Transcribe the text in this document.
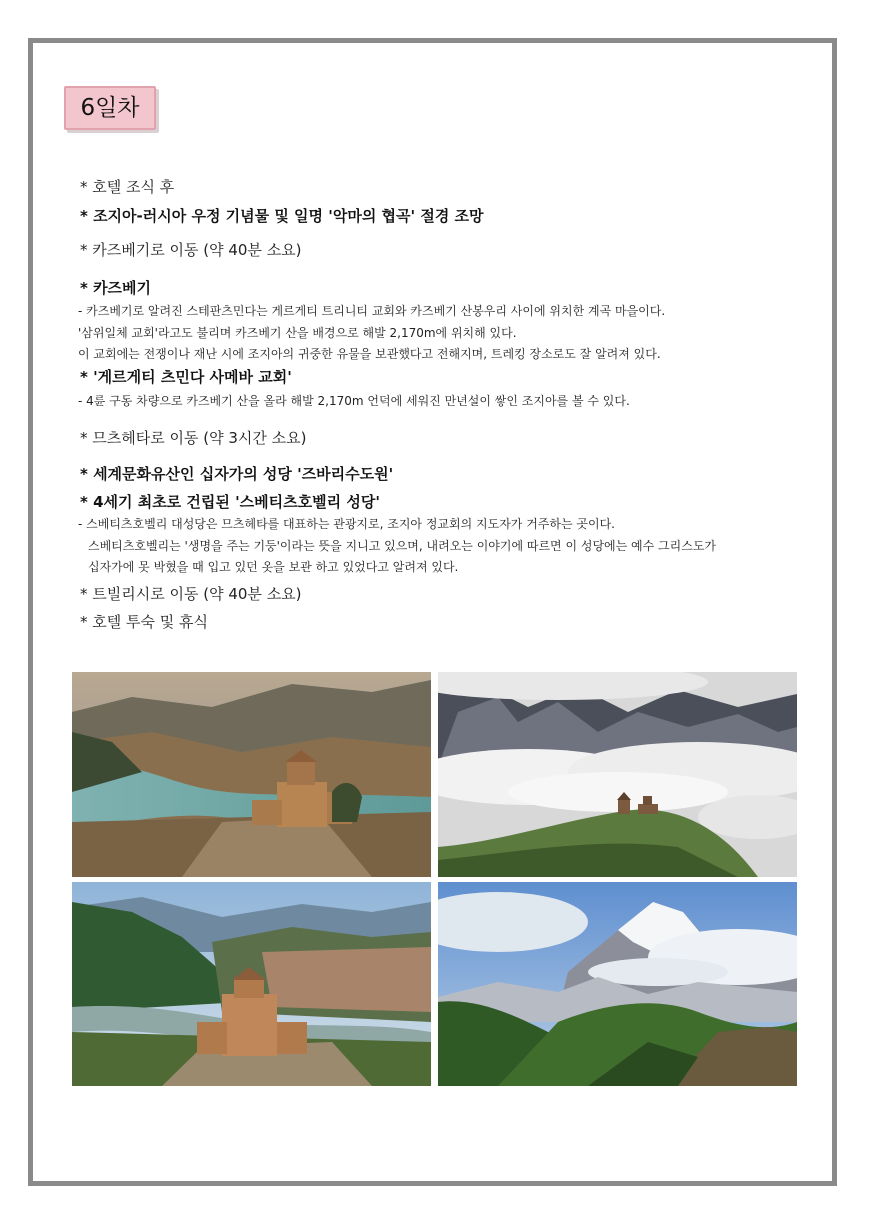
6일차
* 호텔 조식 후
* 조지아-러시아 우정 기념물 및 일명 '악마의 협곡' 절경 조망
* 카즈베기로 이동 (약 40분 소요)
* 카즈베기
- 카즈베기로 알려진 스테판츠민다는 게르게티 트리니티 교회와 카즈베기 산봉우리 사이에 위치한 계곡 마을이다.
'삼위일체 교회'라고도 불리며 카즈베기 산을 배경으로 해발 2,170m에 위치해 있다.
이 교회에는 전쟁이나 재난 시에 조지아의 귀중한 유물을 보관했다고 전해지며, 트레킹 장소로도 잘 알려져 있다.
* '게르게티 츠민다 사메바 교회'
- 4륜 구동 차량으로 카즈베기 산을 올라 해발 2,170m 언덕에 세워진 만년설이 쌓인 조지아를 볼 수 있다.
* 므츠헤타로 이동 (약 3시간 소요)
* 세계문화유산인 십자가의 성당 '즈바리수도원'
* 4세기 최초로 건립된 '스베티츠호벨리 성당'
- 스베티츠호벨리 대성당은 므츠헤타를 대표하는 관광지로, 조지아 정교회의 지도자가 거주하는 곳이다.
스베티츠호벨리는 '생명을 주는 기둥'이라는 뜻을 지니고 있으며, 내려오는 이야기에 따르면 이 성당에는 예수 그리스도가
십자가에 못 박혔을 때 입고 있던 옷을 보관 하고 있었다고 알려져 있다.
* 트빌리시로 이동 (약 40분 소요)
* 호텔 투숙 및 휴식
